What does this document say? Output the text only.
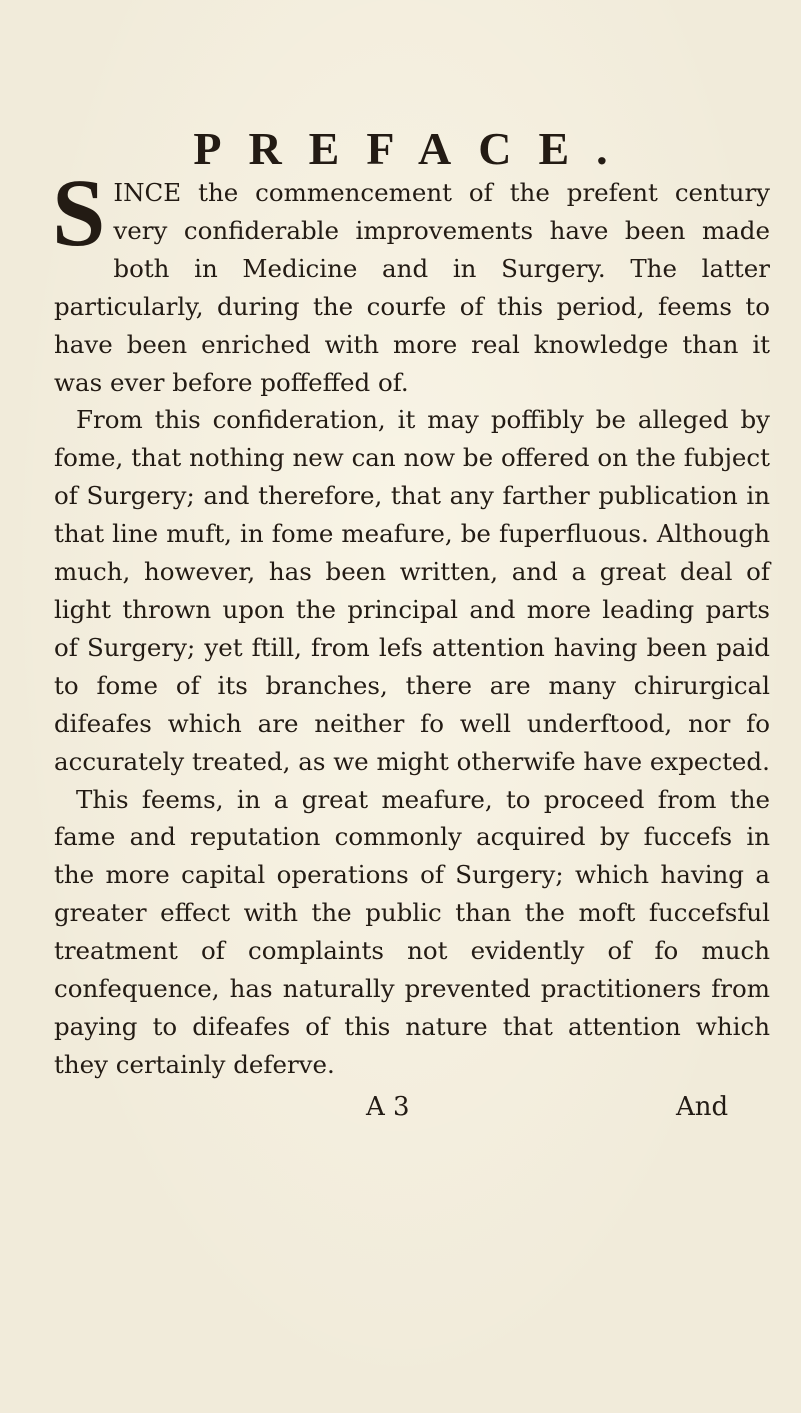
PREFACE.

SINCE the commencement of the prefent century very confiderable improvements have been made both in Medicine and in Surgery. The latter particularly, during the courfe of this period, feems to have been enriched with more real knowledge than it was ever before poffeffed of.

From this confideration, it may poffibly be alleged by fome, that nothing new can now be offered on the fubject of Surgery; and therefore, that any farther publication in that line muft, in fome meafure, be fuperfluous. Although much, however, has been written, and a great deal of light thrown upon the principal and more leading parts of Surgery; yet ftill, from lefs attention having been paid to fome of its branches, there are many chirurgical difeafes which are neither fo well underftood, nor fo accurately treated, as we might otherwife have expected.

This feems, in a great meafure, to proceed from the fame and reputation commonly acquired by fuccefs in the more capital operations of Surgery; which having a greater effect with the public than the moft fuccefsful treatment of complaints not evidently of fo much confequence, has naturally prevented practitioners from paying to difeafes of this nature that attention which they certainly deferve.

A 3	And
